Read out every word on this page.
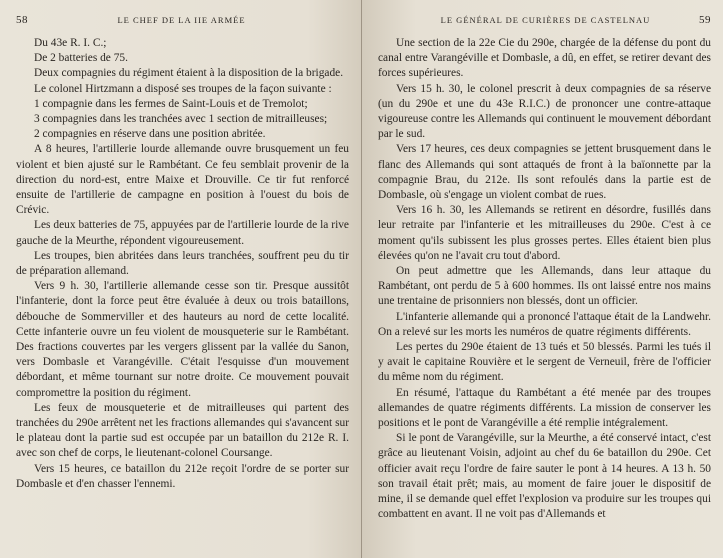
58	LE CHEF DE LA IIE ARMÉE

Du 43e R. I. C.;

De 2 batteries de 75.

Deux compagnies du régiment étaient à la disposition de la brigade.

Le colonel Hirtzmann a disposé ses troupes de la façon suivante :

1 compagnie dans les fermes de Saint-Louis et de Tremolot;

3 compagnies dans les tranchées avec 1 section de mitrailleuses;

2 compagnies en réserve dans une position abritée.

A 8 heures, l'artillerie lourde allemande ouvre brusquement un feu violent et bien ajusté sur le Rambétant. Ce feu semblait provenir de la direction du nord-est, entre Maixe et Drouville. Ce tir fut renforcé ensuite de l'artillerie de campagne en position à l'ouest du bois de Crévic.

Les deux batteries de 75, appuyées par de l'artillerie lourde de la rive gauche de la Meurthe, répondent vigoureusement.

Les troupes, bien abritées dans leurs tranchées, souffrent peu du tir de préparation allemand.

Vers 9 h. 30, l'artillerie allemande cesse son tir. Presque aussitôt l'infanterie, dont la force peut être évaluée à deux ou trois bataillons, débouche de Sommerviller et des hauteurs au nord de cette localité. Cette infanterie ouvre un feu violent de mousqueterie sur le Rambétant. Des fractions couvertes par les vergers glissent par la vallée du Sanon, vers Dombasle et Varangéville. C'était l'esquisse d'un mouvement débordant, et même tournant sur notre droite. Ce mouvement pouvait compromettre la position du régiment.

Les feux de mousqueterie et de mitrailleuses qui partent des tranchées du 290e arrêtent net les fractions allemandes qui s'avancent sur le plateau dont la partie sud est occupée par un bataillon du 212e R. I. avec son chef de corps, le lieutenant-colonel Coursange.

Vers 15 heures, ce bataillon du 212e reçoit l'ordre de se porter sur Dombasle et d'en chasser l'ennemi.

LE GÉNÉRAL DE CURIÈRES DE CASTELNAU	59

Une section de la 22e Cie du 290e, chargée de la défense du pont du canal entre Varangéville et Dombasle, a dû, en effet, se retirer devant des forces supérieures.

Vers 15 h. 30, le colonel prescrit à deux compagnies de sa réserve (un du 290e et une du 43e R.I.C.) de prononcer une contre-attaque vigoureuse contre les Allemands qui continuent le mouvement débordant par le sud.

Vers 17 heures, ces deux compagnies se jettent brusquement dans le flanc des Allemands qui sont attaqués de front à la baïonnette par la compagnie Brau, du 212e. Ils sont refoulés dans la partie est de Dombasle, où s'engage un violent combat de rues.

Vers 16 h. 30, les Allemands se retirent en désordre, fusillés dans leur retraite par l'infanterie et les mitrailleuses du 290e. C'est à ce moment qu'ils subissent les plus grosses pertes. Elles étaient bien plus élevées qu'on ne l'avait cru tout d'abord.

On peut admettre que les Allemands, dans leur attaque du Rambétant, ont perdu de 5 à 600 hommes. Ils ont laissé entre nos mains une trentaine de prisonniers non blessés, dont un officier.

L'infanterie allemande qui a prononcé l'attaque était de la Landwehr. On a relevé sur les morts les numéros de quatre régiments différents.

Les pertes du 290e étaient de 13 tués et 50 blessés. Parmi les tués il y avait le capitaine Rouvière et le sergent de Verneuil, frère de l'officier du même nom du régiment.

En résumé, l'attaque du Rambétant a été menée par des troupes allemandes de quatre régiments différents. La mission de conserver les positions et le pont de Varangéville a été remplie intégralement.

Si le pont de Varangéville, sur la Meurthe, a été conservé intact, c'est grâce au lieutenant Voisin, adjoint au chef du 6e bataillon du 290e. Cet officier avait reçu l'ordre de faire sauter le pont à 14 heures. A 13 h. 50 son travail était prêt; mais, au moment de faire jouer le dispositif de mine, il se demande quel effet l'explosion va produire sur les troupes qui combattent en avant. Il ne voit pas d'Allemands et
